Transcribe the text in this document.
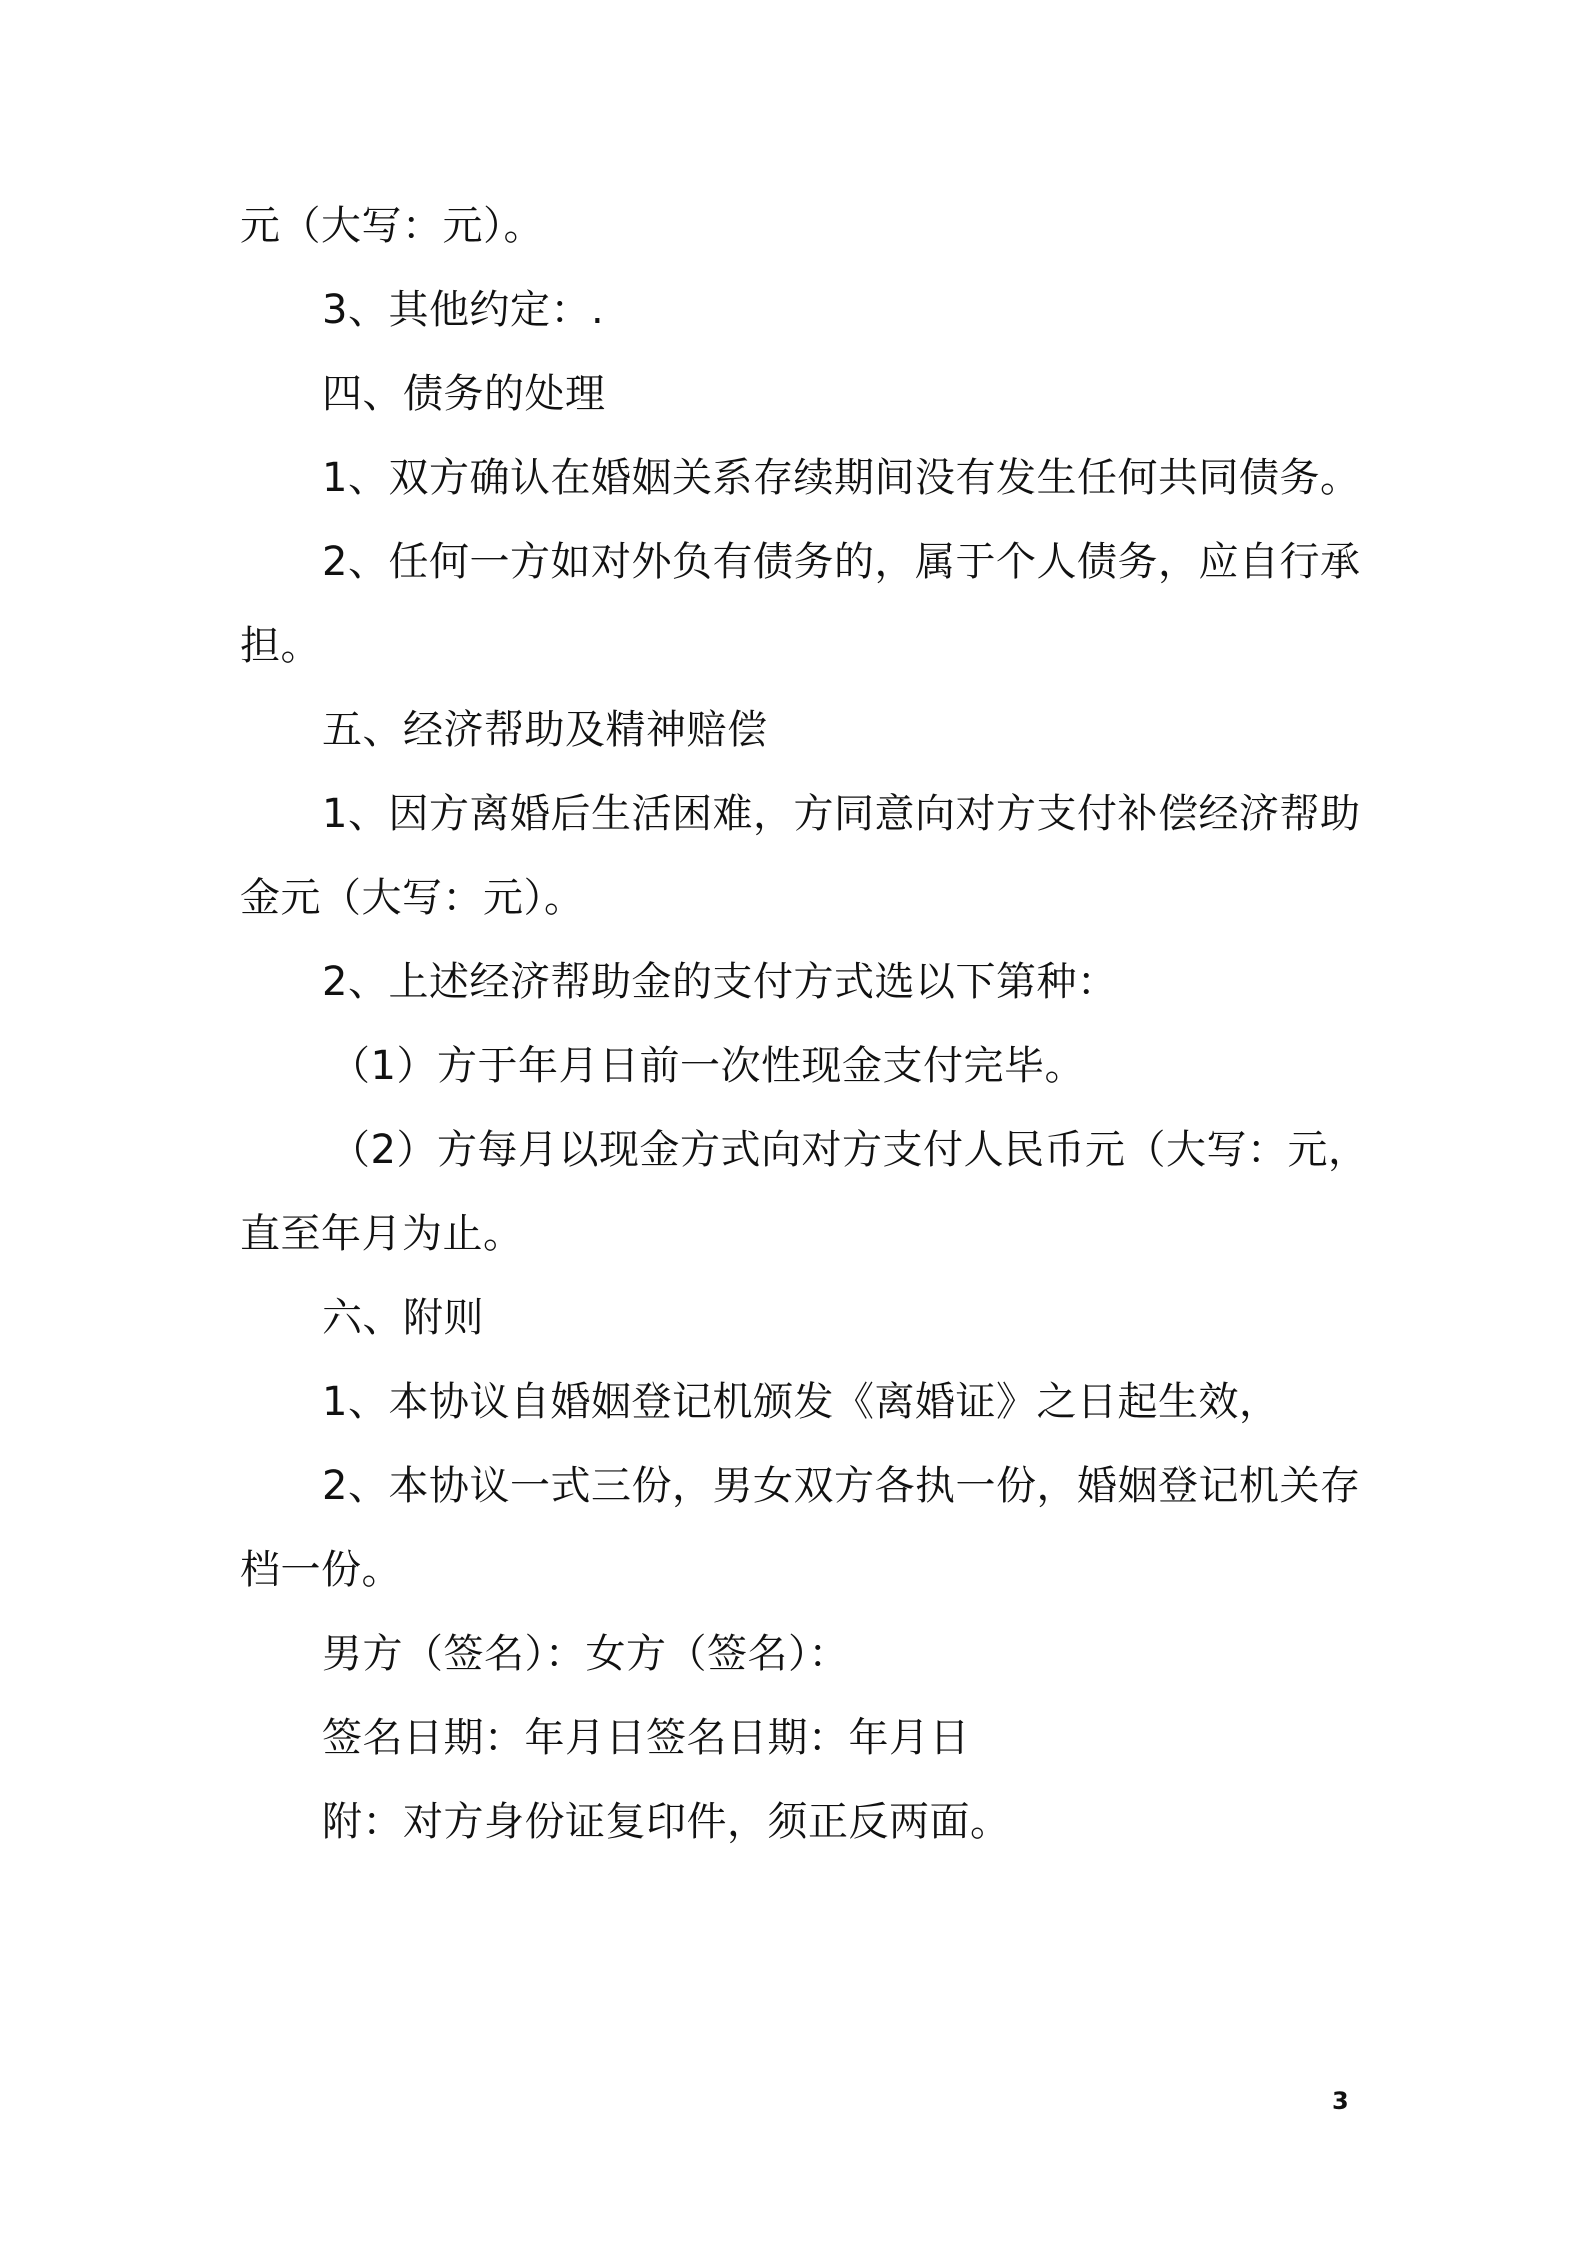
元（大写：元）。
3、其他约定：.
四、债务的处理
1、双方确认在婚姻关系存续期间没有发生任何共同债务。
2、任何一方如对外负有债务的，属于个人债务，应自行承
担。
五、经济帮助及精神赔偿
1、因方离婚后生活困难，方同意向对方支付补偿经济帮助
金元（大写：元）。
2、上述经济帮助金的支付方式选以下第种：
（1）方于年月日前一次性现金支付完毕。
（2）方每月以现金方式向对方支付人民币元（大写：元，
直至年月为止。
六、附则
1、本协议自婚姻登记机颁发《离婚证》之日起生效，
2、本协议一式三份，男女双方各执一份，婚姻登记机关存
档一份。
男方（签名）：女方（签名）：
签名日期：年月日签名日期：年月日
附：对方身份证复印件，须正反两面。
3
